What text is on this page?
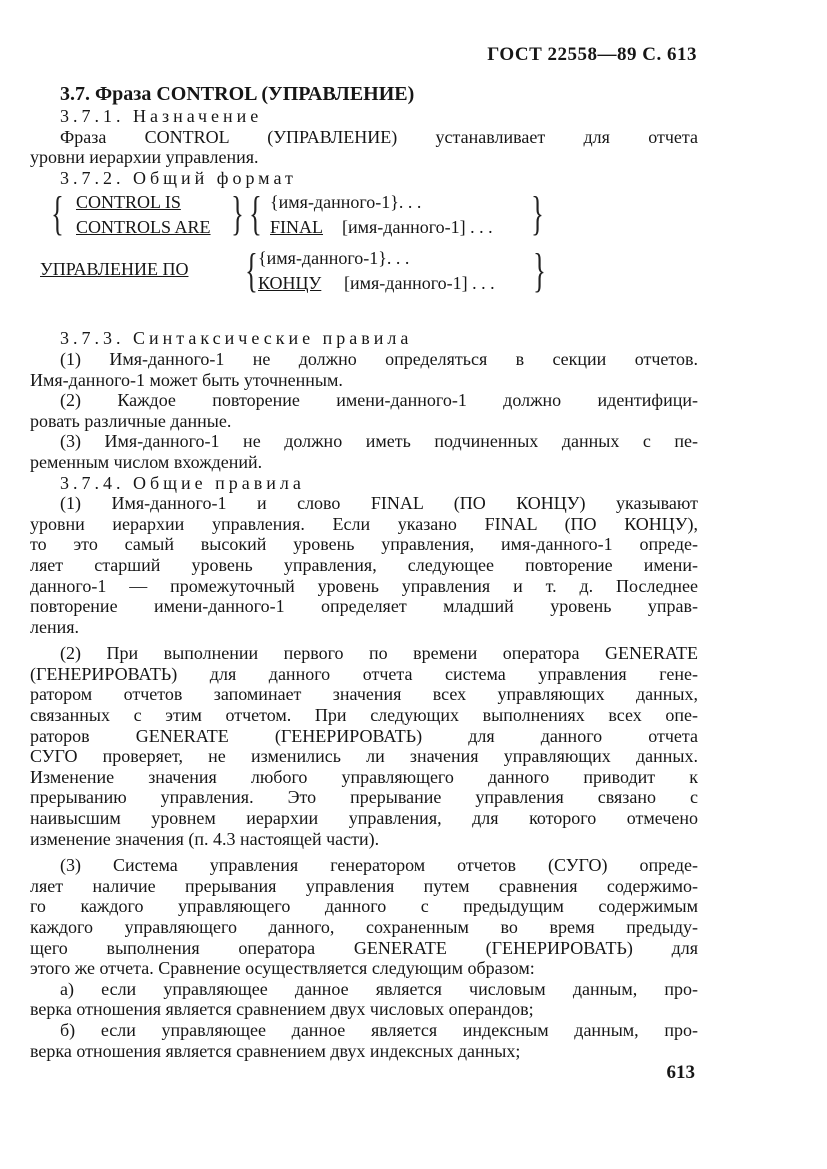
ГОСТ 22558—89 С. 613
3.7. Фраза CONTROL (УПРАВЛЕНИЕ)
3.7.1. Назначение
Фраза CONTROL (УПРАВЛЕНИЕ) устанавливает для отчета
уровни иерархии управления.
3.7.2. Общий формат
{ CONTROL IS
CONTROLS ARE } { {имя-данного-1}. . .
FINAL [имя-данного-1] . . . }
УПРАВЛЕНИЕ ПО { {имя-данного-1}. . .
КОНЦУ [имя-данного-1] . . . }
3.7.3. Синтаксические правила
(1) Имя-данного-1 не должно определяться в секции отчетов.
Имя-данного-1 может быть уточненным.
(2) Каждое повторение имени-данного-1 должно идентифици-
ровать различные данные.
(3) Имя-данного-1 не должно иметь подчиненных данных с пе-
ременным числом вхождений.
3.7.4. Общие правила
(1) Имя-данного-1 и слово FINAL (ПО КОНЦУ) указывают
уровни иерархии управления. Если указано FINAL (ПО КОНЦУ),
то это самый высокий уровень управления, имя-данного-1 опреде-
ляет старший уровень управления, следующее повторение имени-
данного-1 — промежуточный уровень управления и т. д. Последнее
повторение имени-данного-1 определяет младший уровень управ-
ления.
(2) При выполнении первого по времени оператора GENERATE
(ГЕНЕРИРОВАТЬ) для данного отчета система управления гене-
ратором отчетов запоминает значения всех управляющих данных,
связанных с этим отчетом. При следующих выполнениях всех опе-
раторов GENERATE (ГЕНЕРИРОВАТЬ) для данного отчета
СУГО проверяет, не изменились ли значения управляющих данных.
Изменение значения любого управляющего данного приводит к
прерыванию управления. Это прерывание управления связано с
наивысшим уровнем иерархии управления, для которого отмечено
изменение значения (п. 4.3 настоящей части).
(3) Система управления генератором отчетов (СУГО) опреде-
ляет наличие прерывания управления путем сравнения содержимо-
го каждого управляющего данного с предыдущим содержимым
каждого управляющего данного, сохраненным во время предыду-
щего выполнения оператора GENERATE (ГЕНЕРИРОВАТЬ) для
этого же отчета. Сравнение осуществляется следующим образом:
а) если управляющее данное является числовым данным, про-
верка отношения является сравнением двух числовых операндов;
б) если управляющее данное является индексным данным, про-
верка отношения является сравнением двух индексных данных;
613
